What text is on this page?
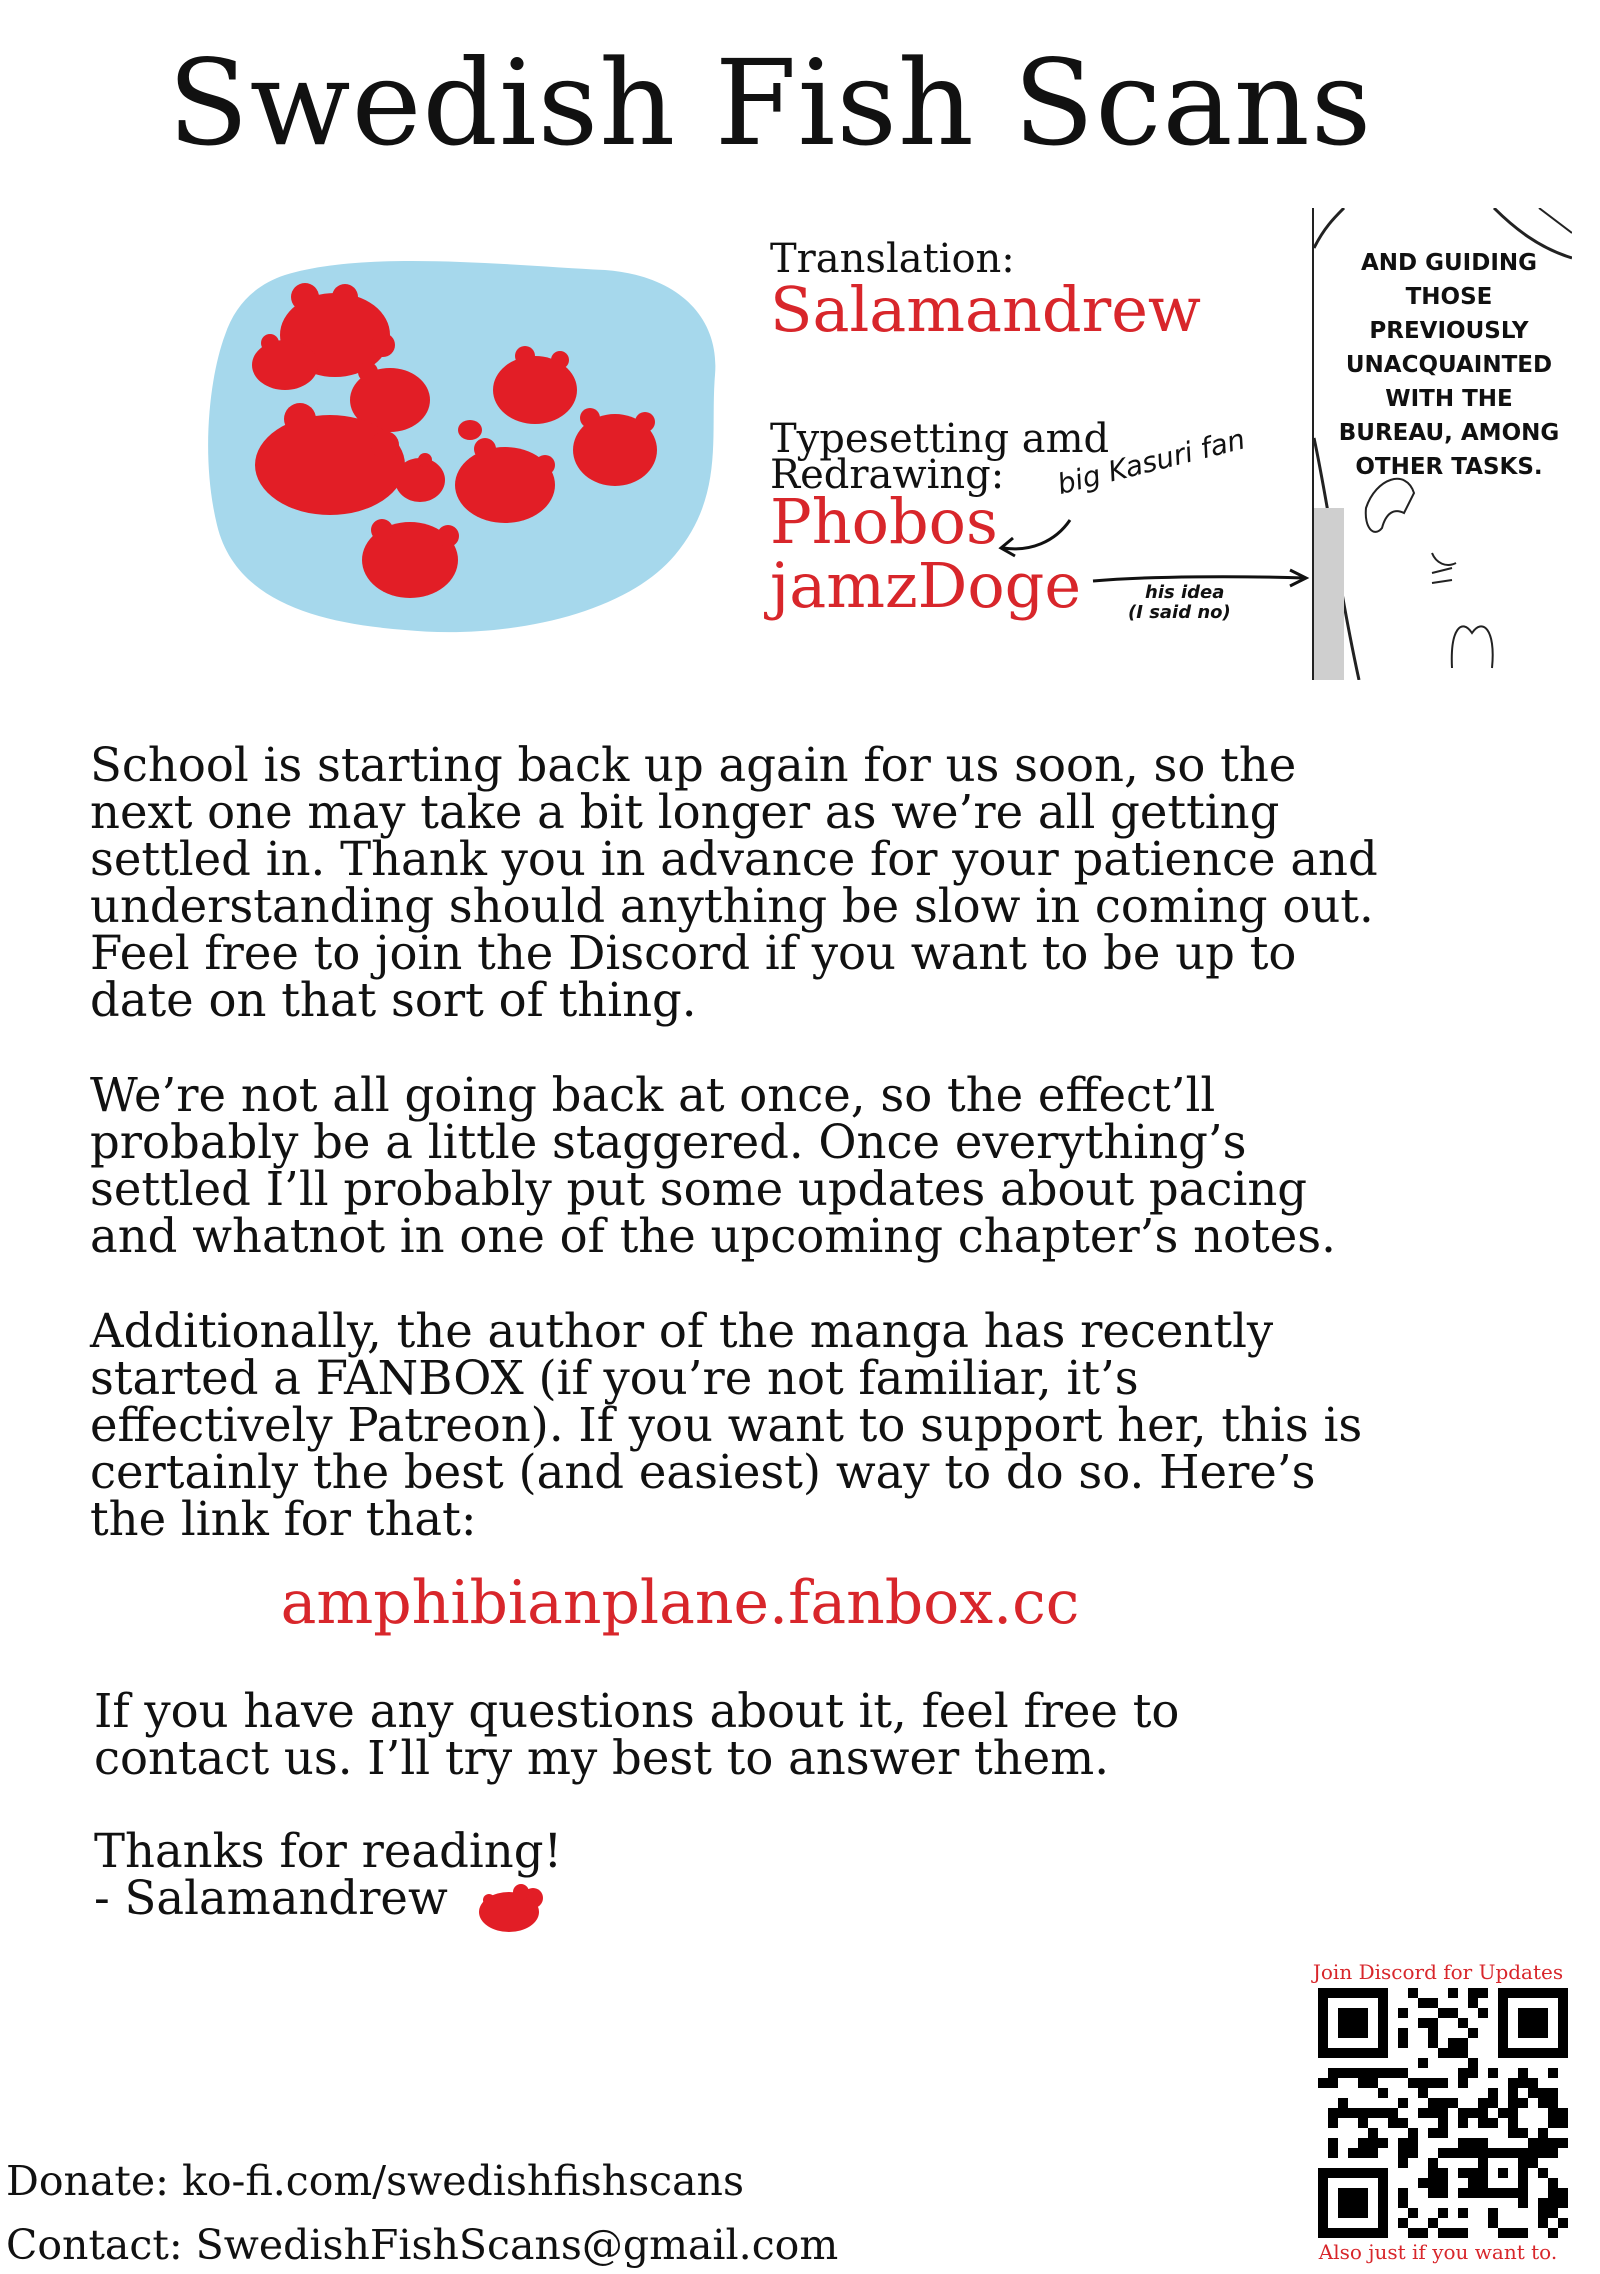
Swedish Fish Scans
Translation:
Salamandrew
Typesetting amd
Redrawing:
Phobos
jamzDoge
big Kasuri fan
his idea
(I said no)
AND GUIDING
THOSE
PREVIOUSLY
UNACQUAINTED
WITH THE
BUREAU, AMONG
OTHER TASKS.

School is starting back up again for us soon, so the

next one may take a bit longer as we’re all getting

settled in. Thank you in advance for your patience and

understanding should anything be slow in coming out.

Feel free to join the Discord if you want to be up to

date on that sort of thing.

We’re not all going back at once, so the effect’ll

probably be a little staggered. Once everything’s

settled I’ll probably put some updates about pacing

and whatnot in one of the upcoming chapter’s notes.

Additionally, the author of the manga has recently

started a FANBOX (if you’re not familiar, it’s

effectively Patreon). If you want to support her, this is

certainly the best (and easiest) way to do so. Here’s

the link for that:

amphibianplane.fanbox.cc

If you have any questions about it, feel free to

contact us. I’ll try my best to answer them.

Thanks for reading!

- Salamandrew

Donate: ko-fi.com/swedishfishscans
Contact: SwedishFishScans@gmail.com
Join Discord for Updates
Also just if you want to.
